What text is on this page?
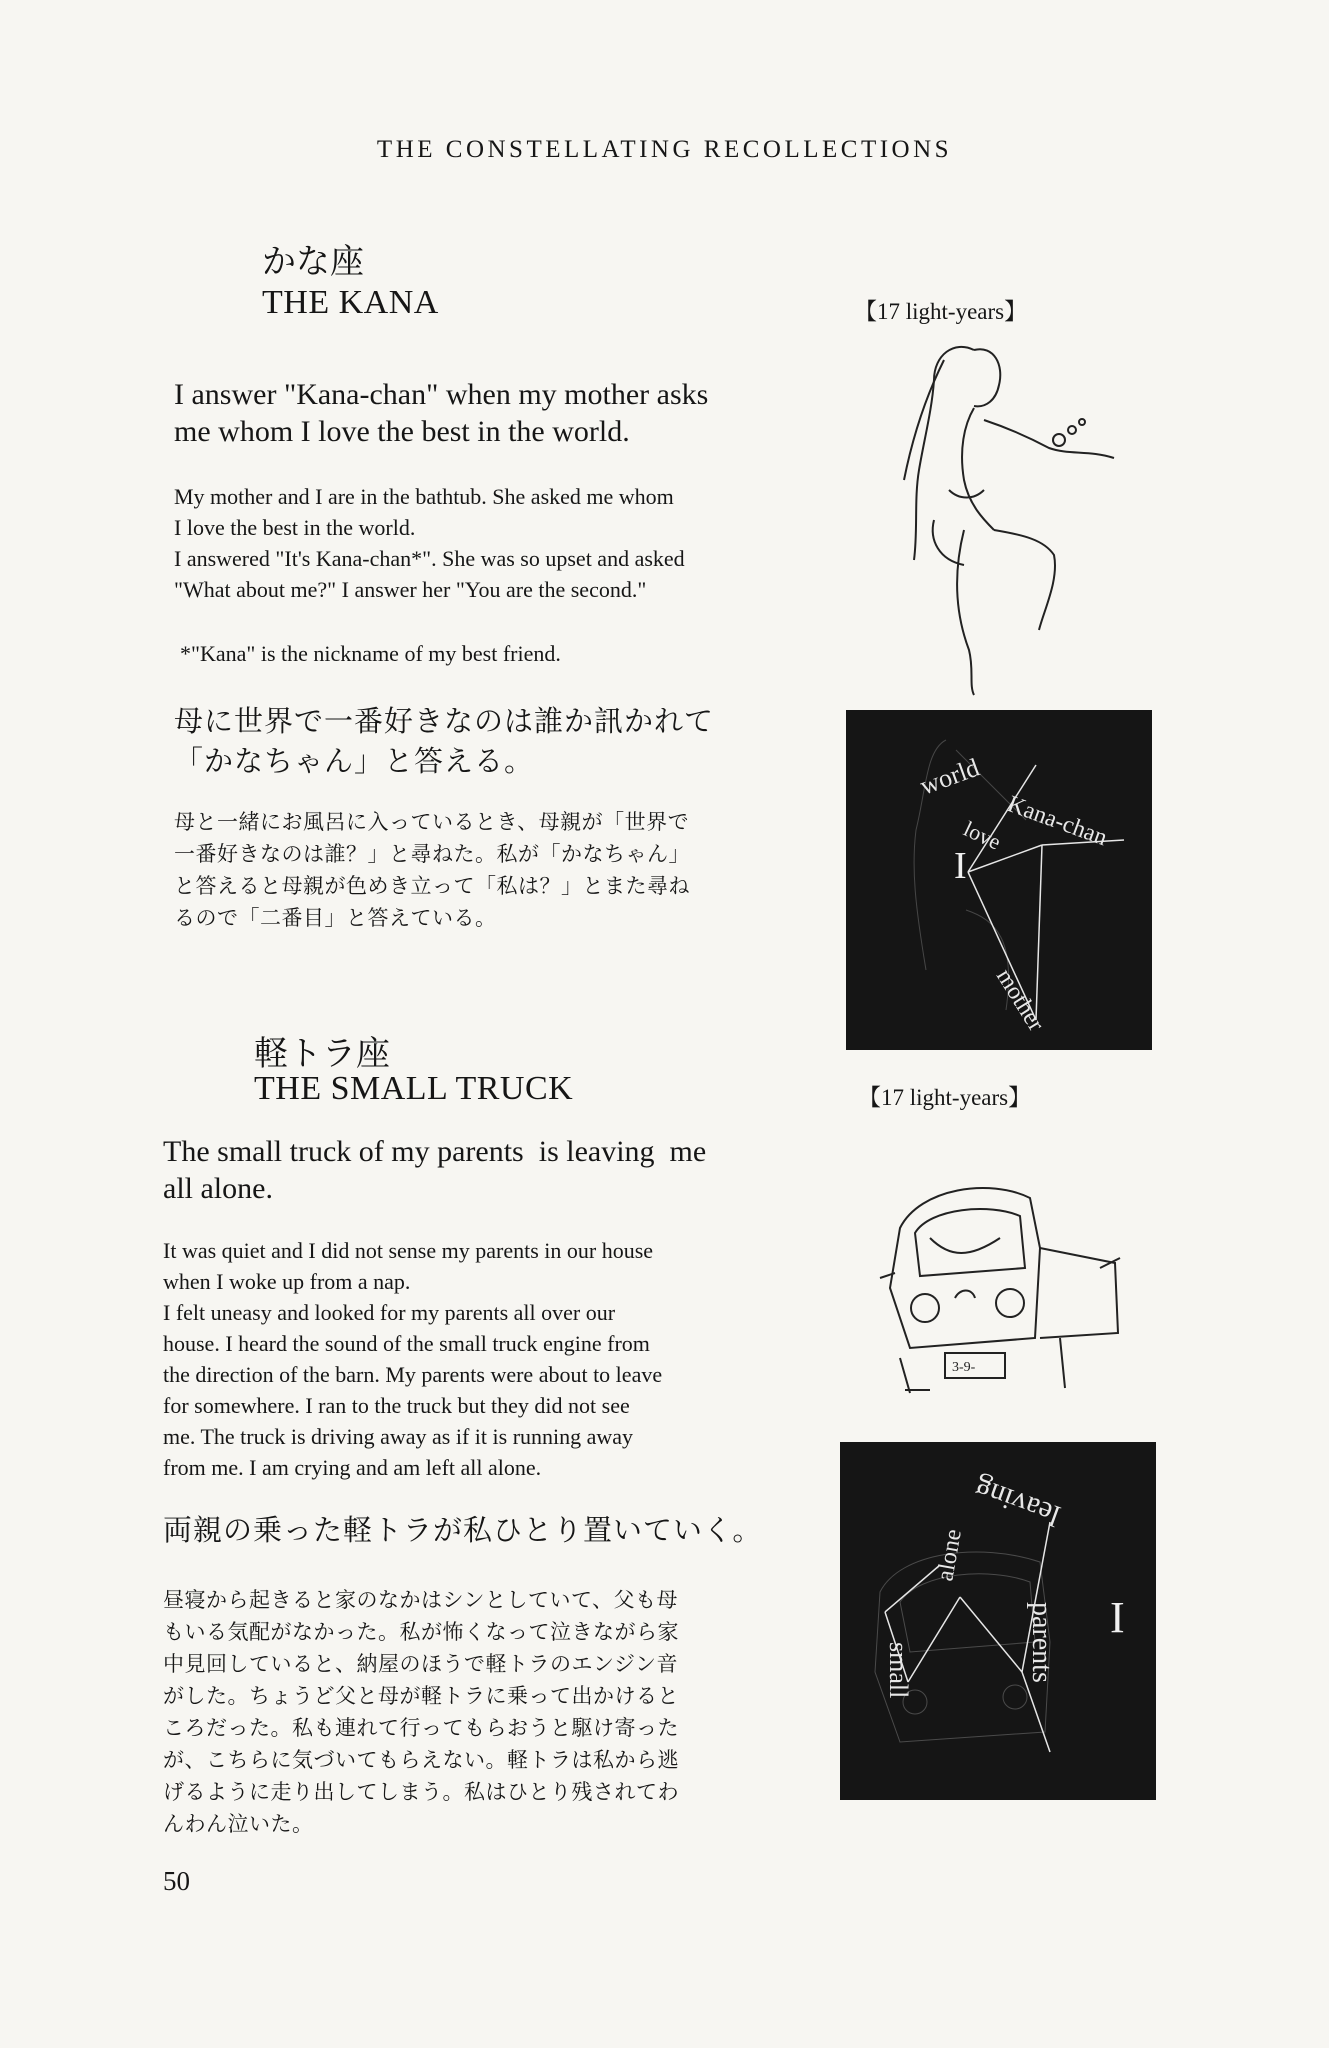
THE CONSTELLATING RECOLLECTIONS
かな座
THE KANA	【17 light-years】
I answer "Kana-chan" when my mother asks
me whom I love the best in the world.
My mother and I are in the bathtub. She asked me whom
I love the best in the world.
I answered "It's Kana-chan*". She was so upset and asked
"What about me?" I answer her "You are the second."
*"Kana" is the nickname of my best friend.
母に世界で一番好きなのは誰か訊かれて
「かなちゃん」と答える。
母と一緒にお風呂に入っているとき、母親が「世界で
一番好きなのは誰？」と尋ねた。私が「かなちゃん」
と答えると母親が色めき立って「私は？」とまた尋ね
るので「二番目」と答えている。
world
Kana-chan
love
I
mother
軽トラ座
THE SMALL TRUCK	【17 light-years】
The small truck of my parents  is leaving  me
all alone.
It was quiet and I did not sense my parents in our house
when I woke up from a nap.
I felt uneasy and looked for my parents all over our
house. I heard the sound of the small truck engine from
the direction of the barn. My parents were about to leave
for somewhere. I ran to the truck but they did not see
me. The truck is driving away as if it is running away
from me. I am crying and am left all alone.
両親の乗った軽トラが私ひとり置いていく。
昼寝から起きると家のなかはシンとしていて、父も母
もいる気配がなかった。私が怖くなって泣きながら家
中見回していると、納屋のほうで軽トラのエンジン音
がした。ちょうど父と母が軽トラに乗って出かけると
ころだった。私も連れて行ってもらおうと駆け寄った
が、こちらに気づいてもらえない。軽トラは私から逃
げるように走り出してしまう。私はひとり残されてわ
んわん泣いた。
3-9-
leaving
alone
I
small	parents
50
